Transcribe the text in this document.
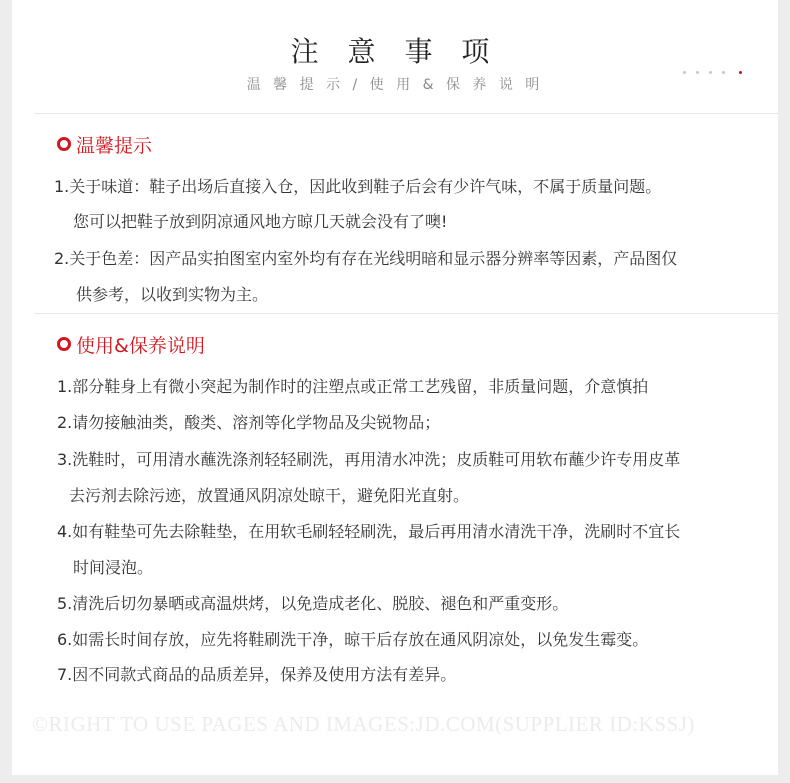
注 意 事 项
温 馨 提 示 / 使 用 & 保 养 说 明
温馨提示
1.关于味道：鞋子出场后直接入仓，因此收到鞋子后会有少许气味，不属于质量问题。
您可以把鞋子放到阴凉通风地方晾几天就会没有了噢!
2.关于色差：因产品实拍图室内室外均有存在光线明暗和显示器分辨率等因素，产品图仅
供参考，以收到实物为主。
使用&保养说明
1.部分鞋身上有微小突起为制作时的注塑点或正常工艺残留，非质量问题，介意慎拍
2.请勿接触油类，酸类、溶剂等化学物品及尖锐物品；
3.洗鞋时，可用清水蘸洗涤剂轻轻刷洗，再用清水冲洗；皮质鞋可用软布蘸少许专用皮革
去污剂去除污迹，放置通风阴凉处晾干，避免阳光直射。
4.如有鞋垫可先去除鞋垫，在用软毛刷轻轻刷洗，最后再用清水清洗干净，洗刷时不宜长
时间浸泡。
5.清洗后切勿暴晒或高温烘烤，以免造成老化、脱胶、褪色和严重变形。
6.如需长时间存放，应先将鞋刷洗干净，晾干后存放在通风阴凉处，以免发生霉变。
7.因不同款式商品的品质差异，保养及使用方法有差异。
©RIGHT TO USE PAGES AND IMAGES:JD.COM(SUPPLIER ID:KSSJ)
